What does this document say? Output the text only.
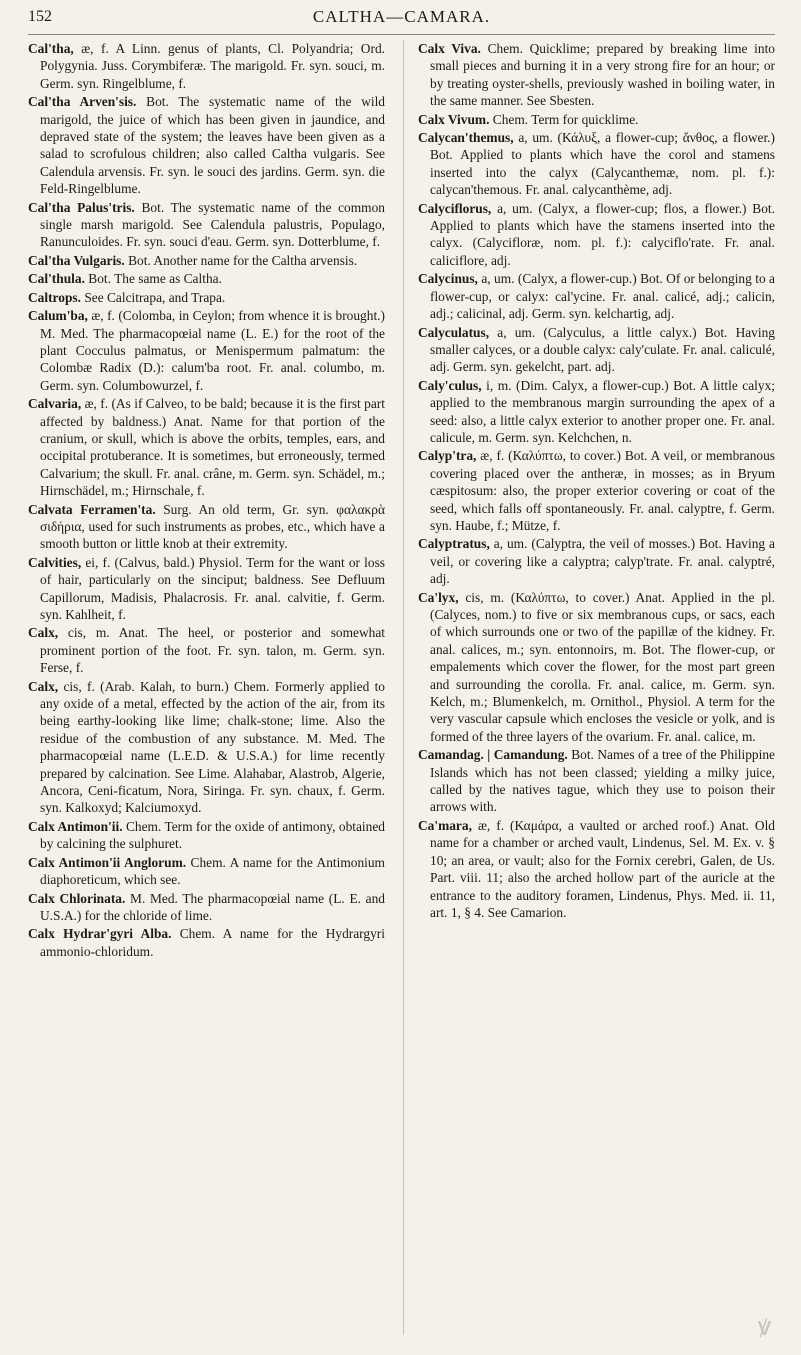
152	CALTHA—CAMARA.

Cal'tha, æ, f. A Linn. genus of plants, Cl. Polyandria; Ord. Polygynia. Juss. Corymbiferæ. The marigold. Fr. syn. souci, m. Germ. syn. Ringelblume, f.

Cal'tha Arven'sis. Bot. The systematic name of the wild marigold, the juice of which has been given in jaundice, and depraved state of the system; the leaves have been given as a salad to scrofulous children; also called Caltha vulgaris. See Calendula arvensis. Fr. syn. le souci des jardins. Germ. syn. die Feld-Ringelblume.

Cal'tha Palus'tris. Bot. The systematic name of the common single marsh marigold. See Calendula palustris, Populago, Ranunculoides. Fr. syn. souci d'eau. Germ. syn. Dotterblume, f.

Cal'tha Vulgaris. Bot. Another name for the Caltha arvensis.

Cal'thula. Bot. The same as Caltha.

Caltrops. See Calcitrapa, and Trapa.

Calum'ba, æ, f. (Colomba, in Ceylon; from whence it is brought.) M. Med. The pharmacopœial name (L. E.) for the root of the plant Cocculus palmatus, or Menispermum palmatum: the Colombæ Radix (D.): calum'ba root. Fr. anal. columbo, m. Germ. syn. Columbowurzel, f.

Calvaria, æ, f. (As if Calveo, to be bald; because it is the first part affected by baldness.) Anat. Name for that portion of the cranium, or skull, which is above the orbits, temples, ears, and occipital protuberance. It is sometimes, but erroneously, termed Calvarium; the skull. Fr. anal. crâne, m. Germ. syn. Schädel, m.; Hirnschädel, m.; Hirnschale, f.

Calvata Ferramen'ta. Surg. An old term, Gr. syn. φαλακρὰ σιδήρια, used for such instruments as probes, etc., which have a smooth button or little knob at their extremity.

Calvities, ei, f. (Calvus, bald.) Physiol. Term for the want or loss of hair, particularly on the sinciput; baldness. See Defluum Capillorum, Madisis, Phalacrosis. Fr. anal. calvitie, f. Germ. syn. Kahlheit, f.

Calx, cis, m. Anat. The heel, or posterior and somewhat prominent portion of the foot. Fr. syn. talon, m. Germ. syn. Ferse, f.

Calx, cis, f. (Arab. Kalah, to burn.) Chem. Formerly applied to any oxide of a metal, effected by the action of the air, from its being earthy-looking like lime; chalk-stone; lime. Also the residue of the combustion of any substance. M. Med. The pharmacopœial name (L.E.D. & U.S.A.) for lime recently prepared by calcination. See Lime. Alahabar, Alastrob, Algerie, Ancora, Ceni-ficatum, Nora, Siringa. Fr. syn. chaux, f. Germ. syn. Kalkoxyd; Kalciumoxyd.

Calx Antimon'ii. Chem. Term for the oxide of antimony, obtained by calcining the sulphuret.

Calx Antimon'ii Anglorum. Chem. A name for the Antimonium diaphoreticum, which see.

Calx Chlorinata. M. Med. The pharmacopœial name (L. E. and U.S.A.) for the chloride of lime.

Calx Hydrar'gyri Alba. Chem. A name for the Hydrargyri ammonio-chloridum.

Calx Viva. Chem. Quicklime; prepared by breaking lime into small pieces and burning it in a very strong fire for an hour; or by treating oyster-shells, previously washed in boiling water, in the same manner. See Sbesten.

Calx Vivum. Chem. Term for quicklime.

Calycan'themus, a, um. (Κάλυξ, a flower-cup; ἄνθος, a flower.) Bot. Applied to plants which have the corol and stamens inserted into the calyx (Calycanthemæ, nom. pl. f.): calycan'themous. Fr. anal. calycanthème, adj.

Calyciflorus, a, um. (Calyx, a flower-cup; flos, a flower.) Bot. Applied to plants which have the stamens inserted into the calyx. (Calycifloræ, nom. pl. f.): calyciflo'rate. Fr. anal. caliciflore, adj.

Calycinus, a, um. (Calyx, a flower-cup.) Bot. Of or belonging to a flower-cup, or calyx: cal'ycine. Fr. anal. calicé, adj.; calicin, adj.; calicinal, adj. Germ. syn. kelchartig, adj.

Calyculatus, a, um. (Calyculus, a little calyx.) Bot. Having smaller calyces, or a double calyx: caly'culate. Fr. anal. caliculé, adj. Germ. syn. gekelcht, part. adj.

Caly'culus, i, m. (Dim. Calyx, a flower-cup.) Bot. A little calyx; applied to the membranous margin surrounding the apex of a seed: also, a little calyx exterior to another proper one. Fr. anal. calicule, m. Germ. syn. Kelchchen, n.

Calyp'tra, æ, f. (Καλύπτω, to cover.) Bot. A veil, or membranous covering placed over the antheræ, in mosses; as in Bryum cæspitosum: also, the proper exterior covering or coat of the seed, which falls off spontaneously. Fr. anal. calyptre, f. Germ. syn. Haube, f.; Mütze, f.

Calyptratus, a, um. (Calyptra, the veil of mosses.) Bot. Having a veil, or covering like a calyptra; calyp'trate. Fr. anal. calyptré, adj.

Ca'lyx, cis, m. (Καλύπτω, to cover.) Anat. Applied in the pl. (Calyces, nom.) to five or six membranous cups, or sacs, each of which surrounds one or two of the papillæ of the kidney. Fr. anal. calices, m.; syn. entonnoirs, m. Bot. The flower-cup, or empalements which cover the flower, for the most part green and surrounding the corolla. Fr. anal. calice, m. Germ. syn. Kelch, m.; Blumenkelch, m. Ornithol., Physiol. A term for the very vascular capsule which encloses the vesicle or yolk, and is formed of the three layers of the ovarium. Fr. anal. calice, m.

Camandag. | Camandung. Bot. Names of a tree of the Philippine Islands which has not been classed; yielding a milky juice, called by the natives tague, which they use to poison their arrows with.

Ca'mara, æ, f. (Καμάρα, a vaulted or arched roof.) Anat. Old name for a chamber or arched vault, Lindenus, Sel. M. Ex. v. § 10; an area, or vault; also for the Fornix cerebri, Galen, de Us. Part. viii. 11; also the arched hollow part of the auricle at the entrance to the auditory foramen, Lindenus, Phys. Med. ii. 11, art. 1, § 4. See Camarion.

ꝟ
